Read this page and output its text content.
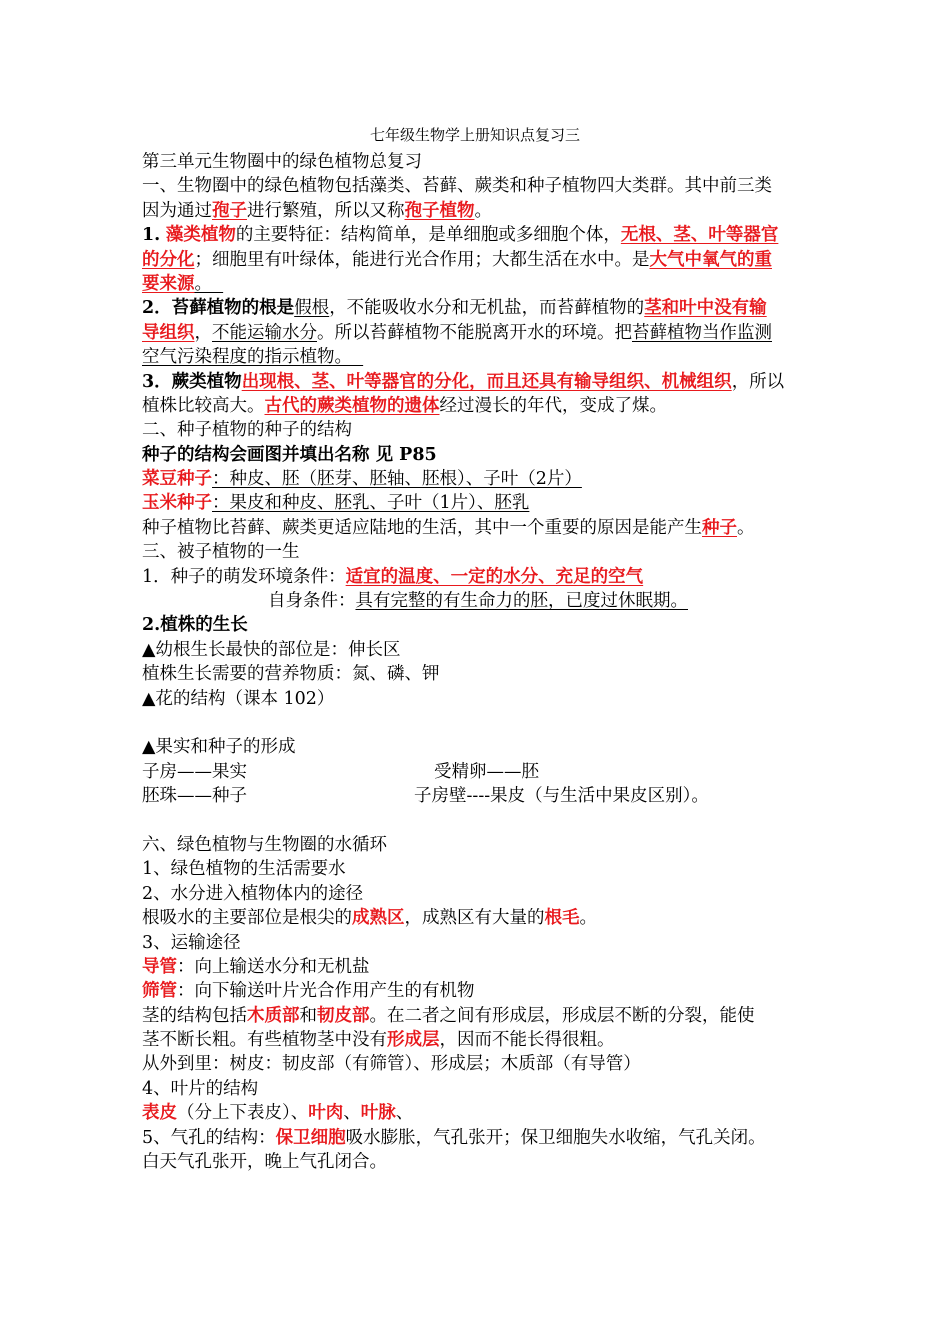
七年级生物学上册知识点复习三
第三单元生物圈中的绿色植物总复习
一、生物圈中的绿色植物包括藻类、苔藓、蕨类和种子植物四大类群。其中前三类
因为通过孢子进行繁殖，所以又称孢子植物。
1. 藻类植物的主要特征：结构简单，是单细胞或多细胞个体，无根、茎、叶等器官
的分化；细胞里有叶绿体，能进行光合作用；大都生活在水中。是大气中氧气的重
要来源。
2．苔藓植物的根是假根，不能吸收水分和无机盐，而苔藓植物的茎和叶中没有输
导组织，不能运输水分。所以苔藓植物不能脱离开水的环境。把苔藓植物当作监测
空气污染程度的指示植物。
3．蕨类植物出现根、茎、叶等器官的分化，而且还具有输导组织、机械组织，所以
植株比较高大。古代的蕨类植物的遗体经过漫长的年代，变成了煤。
二、种子植物的种子的结构
种子的结构会画图并填出名称 见 P85
菜豆种子：种皮、胚（胚芽、胚轴、胚根）、子叶（2片）
玉米种子：果皮和种皮、胚乳、子叶（1片）、胚乳
种子植物比苔藓、蕨类更适应陆地的生活，其中一个重要的原因是能产生种子。
三、被子植物的一生
1．种子的萌发环境条件：适宜的温度、一定的水分、充足的空气
自身条件：具有完整的有生命力的胚，已度过休眠期。
2.植株的生长
▲幼根生长最快的部位是：伸长区
植株生长需要的营养物质：氮、磷、钾
▲花的结构（课本 102）
▲果实和种子的形成
子房——果实	受精卵——胚
胚珠——种子	子房壁----果皮（与生活中果皮区别）。
六、绿色植物与生物圈的水循环
1、绿色植物的生活需要水
2、水分进入植物体内的途径
根吸水的主要部位是根尖的成熟区，成熟区有大量的根毛。
3、运输途径
导管：向上输送水分和无机盐
筛管：向下输送叶片光合作用产生的有机物
茎的结构包括木质部和韧皮部。在二者之间有形成层，形成层不断的分裂，能使
茎不断长粗。有些植物茎中没有形成层，因而不能长得很粗。
从外到里：树皮：韧皮部（有筛管）、形成层；木质部（有导管）
4、叶片的结构
表皮（分上下表皮）、叶肉、叶脉、
5、气孔的结构：保卫细胞吸水膨胀，气孔张开；保卫细胞失水收缩，气孔关闭。
白天气孔张开，晚上气孔闭合。
